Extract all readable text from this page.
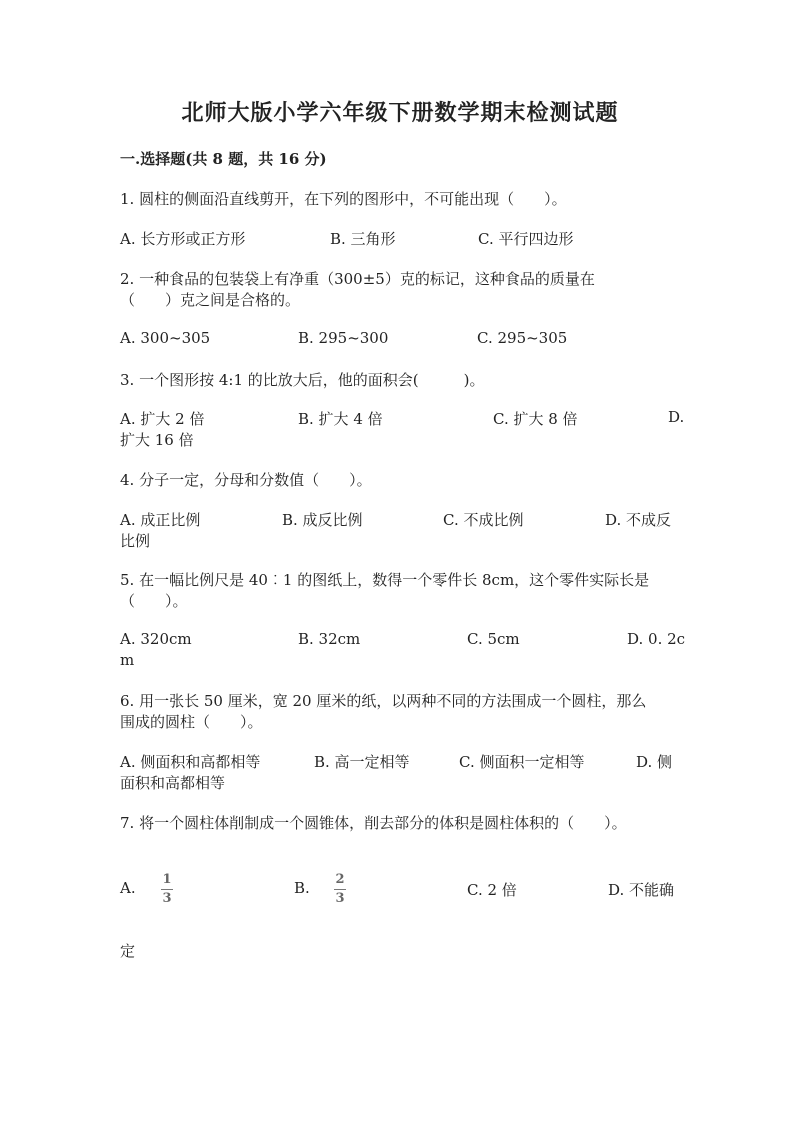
北师大版小学六年级下册数学期末检测试题
一.选择题(共 8 题，共 16 分)
1. 圆柱的侧面沿直线剪开，在下列的图形中，不可能出现（　　）。
A. 长方形或正方形	B. 三角形	C. 平行四边形
2. 一种食品的包装袋上有净重（300±5）克的标记，这种食品的质量在
（　　）克之间是合格的。
A. 300~305	B. 295~300	C. 295~305
3. 一个图形按 4:1 的比放大后，他的面积会(　　　)。
A. 扩大 2 倍	B. 扩大 4 倍	C. 扩大 8 倍	D.
扩大 16 倍
4. 分子一定，分母和分数值（　　）。
A. 成正比例	B. 成反比例	C. 不成比例	D. 不成反
比例
5. 在一幅比例尺是 40︰1 的图纸上，数得一个零件长 8cm，这个零件实际长是
（　　）。
A. 320cm	B. 32cm	C. 5cm	D. 0. 2c
m
6. 用一张长 50 厘米，宽 20 厘米的纸，以两种不同的方法围成一个圆柱，那么
围成的圆柱（　　）。
A. 侧面积和高都相等	B. 高一定相等	C. 侧面积一定相等	D. 侧
面积和高都相等
7. 将一个圆柱体削制成一个圆锥体，削去部分的体积是圆柱体积的（　　）。
A. 1
3
B. 2
3	C. 2 倍	D. 不能确
定
